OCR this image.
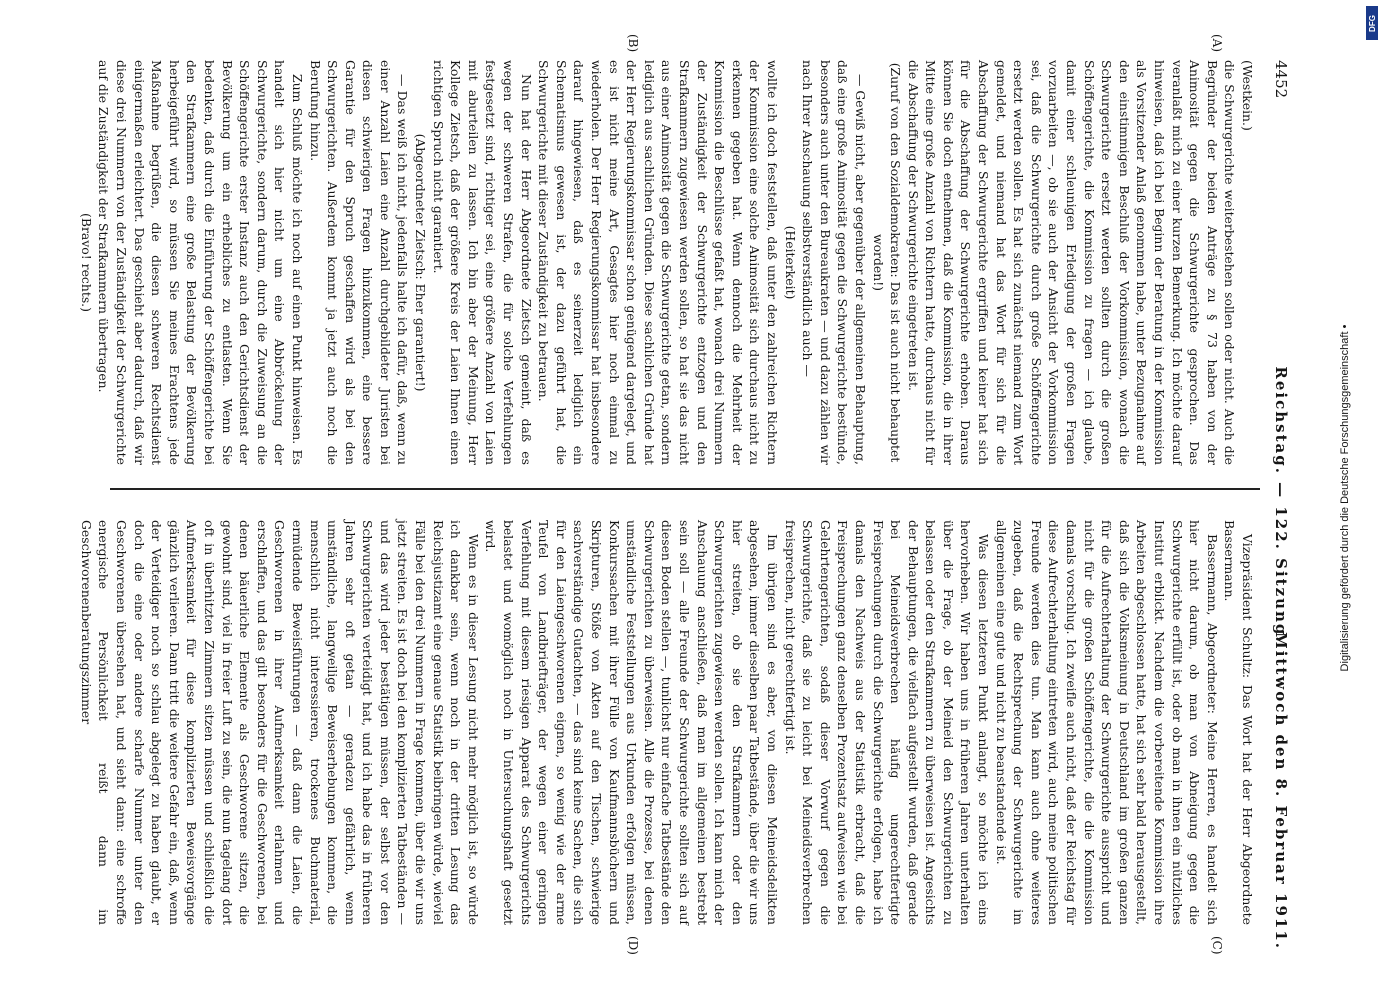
4452
Reichstag. — 122. Sitzung.
Mittwoch den 8. Februar 1911.
(A)
(B)
(C)
(D)

(Westkein.)

die Schwurgerichte weiterbestehen sollen oder nicht. Auch die Begründer der beiden Anträge zu § 73 haben von der Animosität gegen die Schwurgerichte gesprochen. Das veranlaßt mich zu einer kurzen Bemerkung. Ich möchte darauf hinweisen, daß ich bei Beginn der Beratung in der Kommission als Vorsitzender Anlaß genommen habe, unter Bezugnahme auf den einstimmigen Beschluß der Vorkommission, wonach die Schwurgerichte ersetzt werden sollten durch die großen Schöffengerichte, die Kommission zu fragen — ich glaube, damit einer schleunigen Erledigung der großen Fragen vorzuarbeiten —, ob sie auch der Ansicht der Vorkommission sei, daß die Schwurgerichte durch große Schöffengerichte ersetzt werden sollen. Es hat sich zunächst niemand zum Wort gemeldet, und niemand hat das Wort für sich für die Abschaffung der Schwurgerichte ergriffen und keiner hat sich für die Abschaffung der Schwurgerichte erhoben. Daraus können Sie doch entnehmen, daß die Kommission, die in ihrer Mitte eine große Anzahl von Richtern hatte, durchaus nicht für die Abschaffung der Schwurgerichte eingetreten ist.

(Zuruf von den Sozialdemokraten: Das ist auch nicht behauptet worden!)

— Gewiß nicht, aber gegenüber der allgemeinen Behauptung, daß eine große Animosität gegen die Schwurgerichte bestünde, besonders auch unter den Bureaukraten — und dazu zählen wir nach Ihrer Anschauung selbstverständlich auch —

(Heiterkeit)

wollte ich doch feststellen, daß unter den zahlreichen Richtern der Kommission eine solche Animosität sich durchaus nicht zu erkennen gegeben hat. Wenn dennoch die Mehrheit der Kommission die Beschlüsse gefaßt hat, wonach drei Nummern der Zuständigkeit der Schwurgerichte entzogen und den Strafkammern zugewiesen werden sollen, so hat sie das nicht aus einer Animosität gegen die Schwurgerichte getan, sondern lediglich aus sachlichen Gründen. Diese sachlichen Gründe hat der Herr Regierungskommissar schon genügend dargelegt, und es ist nicht meine Art, Gesagtes hier noch einmal zu wiederholen. Der Herr Regierungskommissar hat insbesondere darauf hingewiesen, daß es seinerzeit lediglich ein Schematismus gewesen ist, der dazu geführt hat, die Schwurgerichte mit dieser Zuständigkeit zu betrauen.

Nun hat der Herr Abgeordnete Zietsch gemeint, daß es wegen der schweren Strafen, die für solche Verfehlungen festgesetzt sind, richtiger sei, eine größere Anzahl von Laien mit aburteilen zu lassen. Ich bin aber der Meinung, Herr Kollege Zietsch, daß der größere Kreis der Laien Ihnen einen richtigen Spruch nicht garantiert.

(Abgeordneter Zietsch: Eher garantiert!)

— Das weiß ich nicht, jedenfalls halte ich dafür, daß, wenn zu einer Anzahl Laien eine Anzahl durchgebildeter Juristen bei diesen schwierigen Fragen hinzukommen, eine bessere Garantie für den Spruch geschaffen wird als bei den Schwurgerichten. Außerdem kommt ja jetzt auch noch die Berufung hinzu.

Zum Schluß möchte ich noch auf einen Punkt hinweisen. Es handelt sich hier nicht um eine Abbröckelung der Schwurgerichte, sondern darum, durch die Zuweisung an die Schöffengerichte erster Instanz auch den Gerichtsdienst der Bevölkerung um ein erhebliches zu entlasten. Wenn Sie bedenken, daß durch die Einführung der Schöffengerichte bei den Strafkammern eine große Belastung der Bevölkerung herbeigeführt wird, so müssen Sie meines Erachtens jede Maßnahme begrüßen, die diesen schweren Rechtsdienst einigermaßen erleichtert. Das geschieht aber dadurch, daß wir diese drei Nummern von der Zuständigkeit der Schwurgerichte auf die Zuständigkeit der Strafkammern übertragen.

(Bravo! rechts.)

Vizepräsident Schultz: Das Wort hat der Herr Abgeordnete Bassermann.

Bassermann, Abgeordneter: Meine Herren, es handelt sich hier nicht darum, ob man von Abneigung gegen die Schwurgerichte erfüllt ist, oder ob man in ihnen ein nützliches Institut erblickt. Nachdem die vorbereitende Kommission ihre Arbeiten abgeschlossen hatte, hat sich sehr bald herausgestellt, daß sich die Volksmeinung in Deutschland im großen ganzen für die Aufrechterhaltung der Schwurgerichte ausspricht und nicht für die großen Schöffengerichte, die die Kommission damals vorschlug. Ich zweifle auch nicht, daß der Reichstag für diese Aufrechterhaltung eintreten wird, auch meine politischen Freunde werden dies tun. Man kann auch ohne weiteres zugeben, daß die Rechtsprechung der Schwurgerichte im allgemeinen eine gute und nicht zu beanstandende ist.

Was diesen letzteren Punkt anlangt, so möchte ich eins hervorheben. Wir haben uns in früheren Jahren unterhalten über die Frage, ob der Meineid den Schwurgerichten zu belassen oder den Strafkammern zu überweisen ist. Angesichts der Behauptungen, die vielfach aufgestellt wurden, daß gerade bei Meineidsverbrechen häufig ungerechtfertigte Freisprechungen durch die Schwurgerichte erfolgen, habe ich damals den Nachweis aus der Statistik erbracht, daß die Freisprechungen ganz denselben Prozentsatz aufweisen wie bei Gelehrtengerichten, sodaß dieser Vorwurf gegen die Schwurgerichte, daß sie zu leicht bei Meineidsverbrechen freisprechen, nicht gerechtfertigt ist.

Im übrigen sind es aber, von diesen Meineidsdelikten abgesehen, immer dieselben paar Tatbestände, über die wir uns hier streiten, ob sie den Strafkammern oder den Schwurgerichten zugewiesen werden sollen. Ich kann mich der Anschauung anschließen, daß man im allgemeinen bestrebt sein soll — alle Freunde der Schwurgerichte sollten sich auf diesen Boden stellen —, tunlichst nur einfache Tatbestände den Schwurgerichten zu überweisen. Alle die Prozesse, bei denen umständliche Feststellungen aus Urkunden erfolgen müssen, Konkurssachen mit ihrer Fülle von Kaufmannsbüchern und Skripturen, Stöße von Akten auf den Tischen, schwierige sachverständige Gutachten, — das sind keine Sachen, die sich für den Laiengeschworenen eignen, so wenig wie der arme Teufel von Landbriefträger, der wegen einer geringen Verfehlung mit diesem riesigen Apparat des Schwurgerichts belastet und womöglich noch in Untersuchungshaft gesetzt wird.

Wenn es in dieser Lesung nicht mehr möglich ist, so würde ich dankbar sein, wenn noch in der dritten Lesung das Reichsjustizamt eine genaue Statistik beibringen würde, wieviel Fälle bei den drei Nummern in Frage kommen, über die wir uns jetzt streiten. Es ist doch bei den komplizierten Tatbeständen — und das wird jeder bestätigen müssen, der selbst vor den Schwurgerichten verteidigt hat, und ich habe das in früheren Jahren sehr oft getan — geradezu gefährlich, wenn umständliche, langweilige Beweiserhebungen kommen, die menschlich nicht interessieren, trockenes Buchmaterial, ermüdende Beweisführungen — daß dann die Laien, die Geschworenen in ihrer Aufmerksamkeit erlahmen und erschlaffen, und das gilt besonders für die Geschworenen, bei denen bäuerliche Elemente als Geschworene sitzen, die gewohnt sind, viel in freier Luft zu sein, die nun tagelang dort oft in überhitzten Zimmern sitzen müssen und schließlich die Aufmerksamkeit für diese komplizierten Beweisvorgänge gänzlich verlieren. Dann tritt die weitere Gefahr ein, daß, wenn der Verteidiger noch so schlau abgelegt zu haben glaubt, er doch die eine oder andere scharfe Nummer unter den Geschworenen übersehen hat, und sieht dann: eine schroffe energische Persönlichkeit reißt dann im Geschworenenberatungszimmer	Digitalisierung gefördert durch die Deutsche Forschungsgemeinschaft •
DFG
